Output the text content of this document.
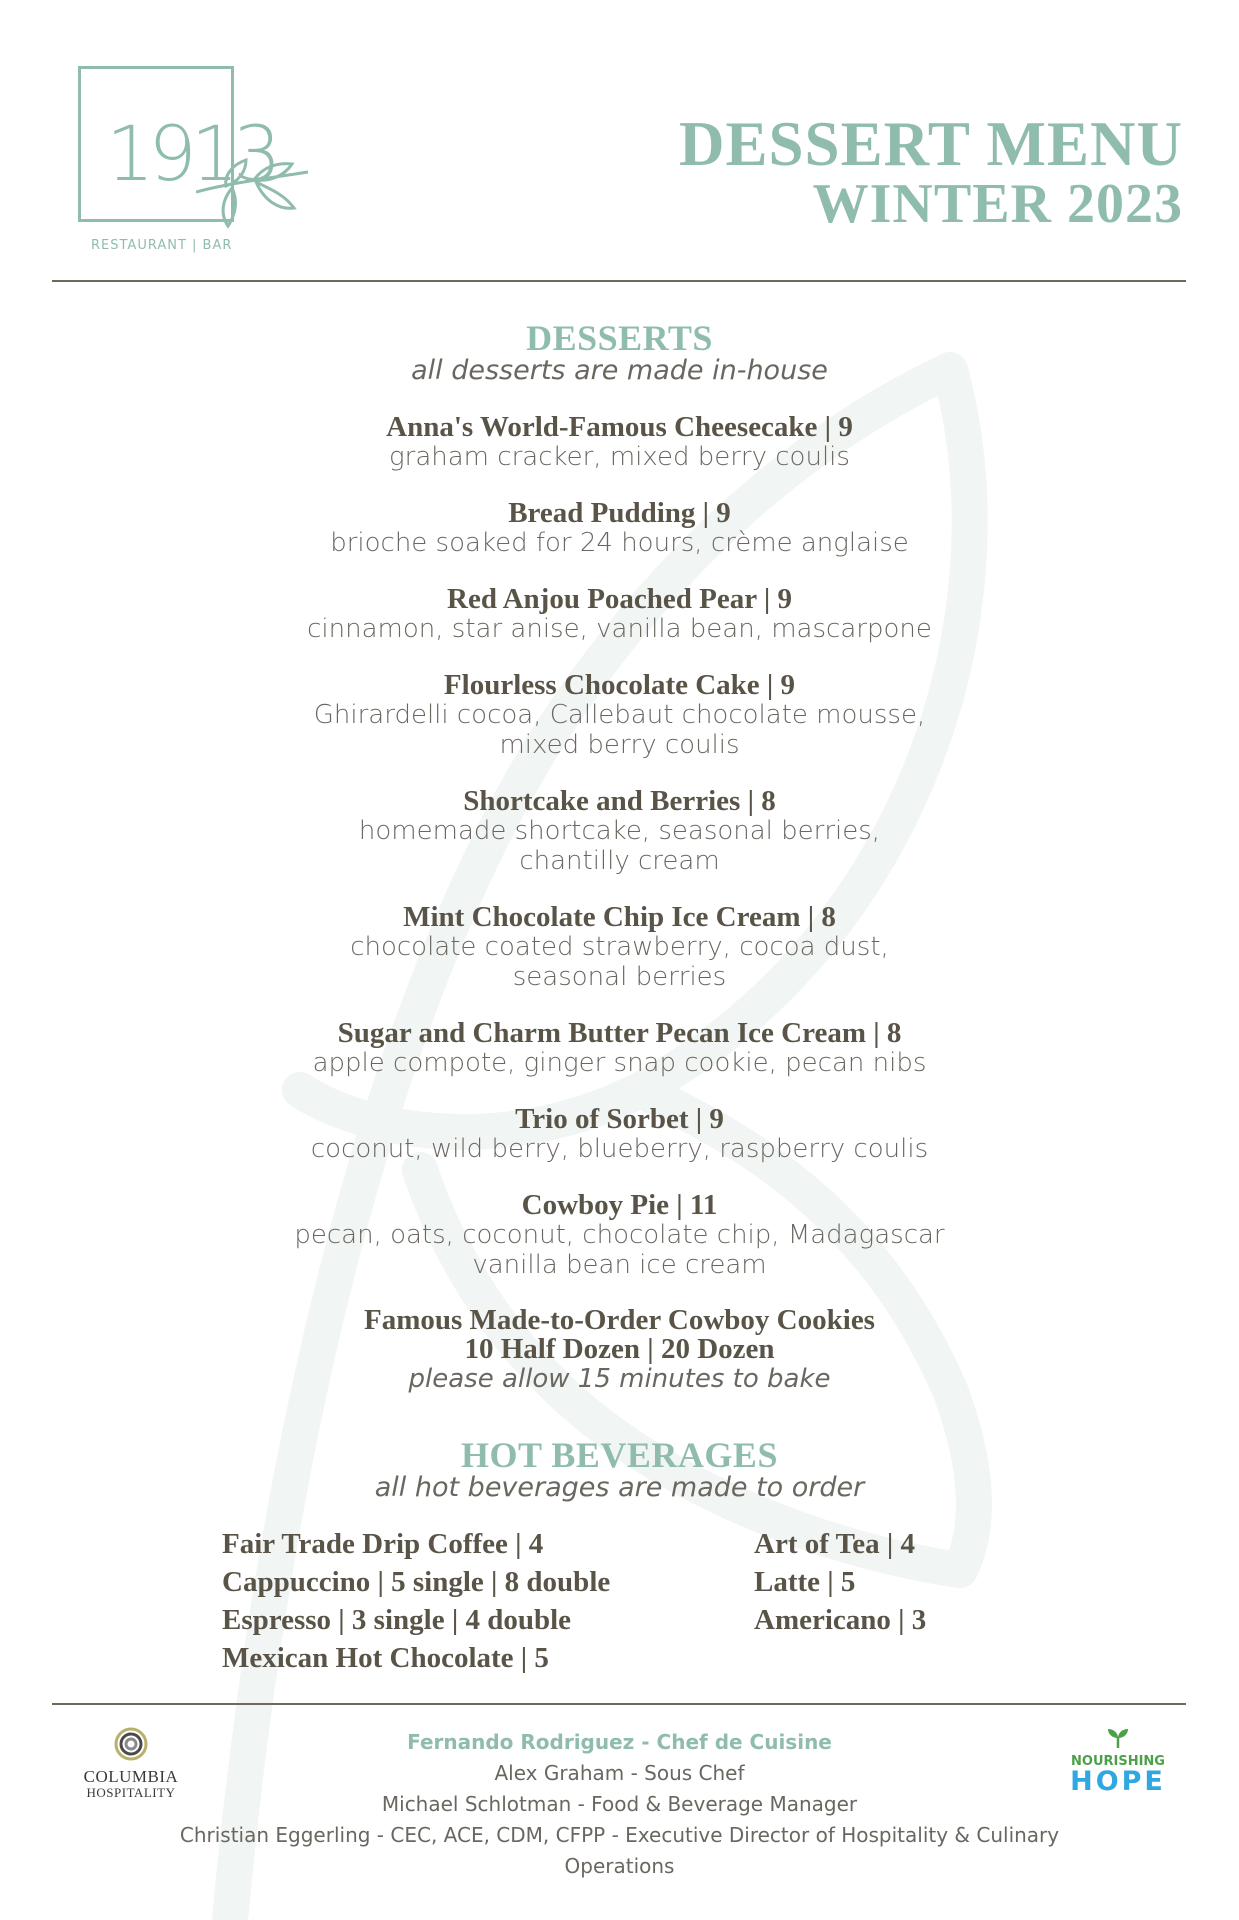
1913
RESTAURANT | BAR
DESSERT MENU
WINTER 2023
DESSERTS
all desserts are made in-house
Anna's World-Famous Cheesecake | 9
graham cracker, mixed berry coulis
Bread Pudding | 9
brioche soaked for 24 hours, crème anglaise
Red Anjou Poached Pear | 9
cinnamon, star anise, vanilla bean, mascarpone
Flourless Chocolate Cake | 9
Ghirardelli cocoa, Callebaut chocolate mousse, mixed berry coulis
Shortcake and Berries | 8
homemade shortcake, seasonal berries, chantilly cream
Mint Chocolate Chip Ice Cream | 8
chocolate coated strawberry, cocoa dust, seasonal berries
Sugar and Charm Butter Pecan Ice Cream | 8
apple compote, ginger snap cookie, pecan nibs
Trio of Sorbet | 9
coconut, wild berry, blueberry, raspberry coulis
Cowboy Pie | 11
pecan, oats, coconut, chocolate chip, Madagascar vanilla bean ice cream
Famous Made-to-Order Cowboy Cookies
10 Half Dozen | 20 Dozen
please allow 15 minutes to bake
HOT BEVERAGES
all hot beverages are made to order
Fair Trade Drip Coffee | 4
Cappuccino | 5 single | 8 double
Espresso | 3 single | 4 double
Mexican Hot Chocolate | 5
Art of Tea | 4
Latte | 5
Americano | 3
COLUMBIA
HOSPITALITY
NOURISHING
HOPE
Fernando Rodriguez - Chef de Cuisine
Alex Graham - Sous Chef
Michael Schlotman - Food & Beverage Manager
Christian Eggerling - CEC, ACE, CDM, CFPP - Executive Director of Hospitality & Culinary Operations
